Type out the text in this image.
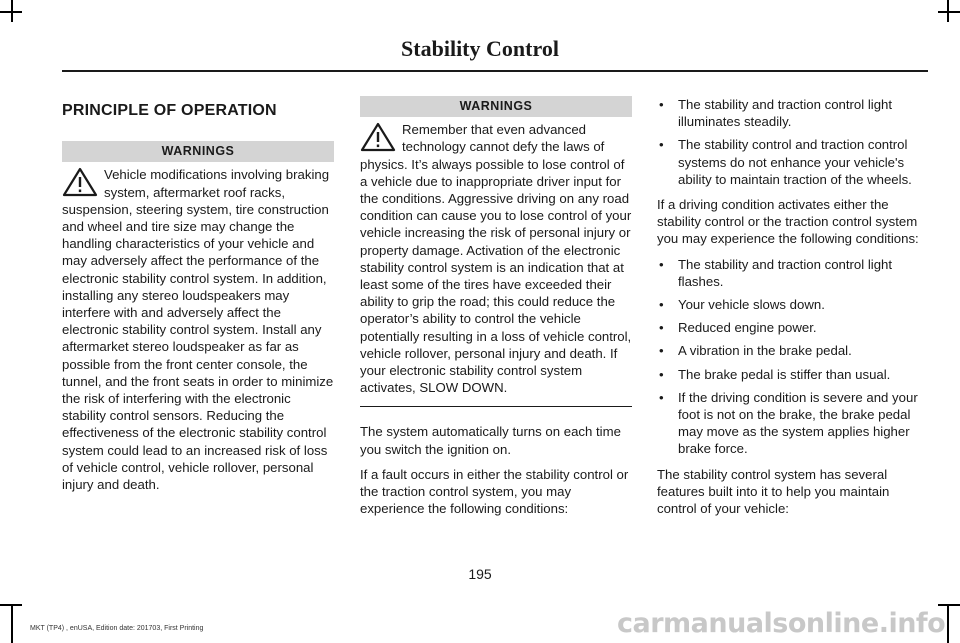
Stability Control
PRINCIPLE OF OPERATION
WARNINGS

Vehicle modifications involving braking system, aftermarket roof racks, suspension, steering system, tire construction and wheel and tire size may change the handling characteristics of your vehicle and may adversely affect the performance of the electronic stability control system. In addition, installing any stereo loudspeakers may interfere with and adversely affect the electronic stability control system. Install any aftermarket stereo loudspeaker as far as possible from the front center console, the tunnel, and the front seats in order to minimize the risk of interfering with the electronic stability control sensors. Reducing the effectiveness of the electronic stability control system could lead to an increased risk of loss of vehicle control, vehicle rollover, personal injury and death.

WARNINGS

Remember that even advanced technology cannot defy the laws of physics. It’s always possible to lose control of a vehicle due to inappropriate driver input for the conditions. Aggressive driving on any road condition can cause you to lose control of your vehicle increasing the risk of personal injury or property damage. Activation of the electronic stability control system is an indication that at least some of the tires have exceeded their ability to grip the road; this could reduce the operator’s ability to control the vehicle potentially resulting in a loss of vehicle control, vehicle rollover, personal injury and death. If your electronic stability control system activates, SLOW DOWN.

The system automatically turns on each time you switch the ignition on.

If a fault occurs in either the stability control or the traction control system, you may experience the following conditions:

• The stability and traction control light illuminates steadily.
• The stability control and traction control systems do not enhance your vehicle's ability to maintain traction of the wheels.

If a driving condition activates either the stability control or the traction control system you may experience the following conditions:

• The stability and traction control light flashes.
• Your vehicle slows down.
• Reduced engine power.
• A vibration in the brake pedal.
• The brake pedal is stiffer than usual.
• If the driving condition is severe and your foot is not on the brake, the brake pedal may move as the system applies higher brake force.

The stability control system has several features built into it to help you maintain control of your vehicle:

195
MKT (TP4) , enUSA, Edition date: 201703, First Printing	carmanualsonline.info
